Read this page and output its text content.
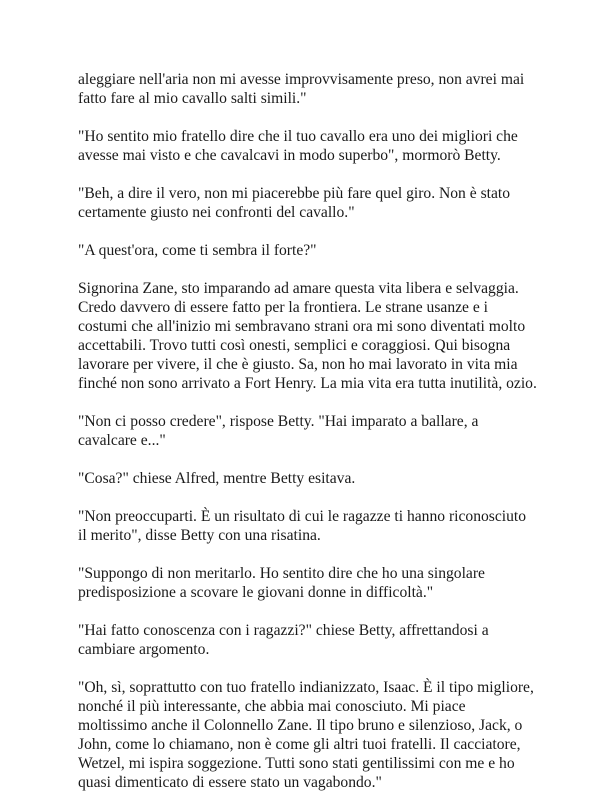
aleggiare nell'aria non mi avesse improvvisamente preso, non avrei mai fatto fare al mio cavallo salti simili."

"Ho sentito mio fratello dire che il tuo cavallo era uno dei migliori che avesse mai visto e che cavalcavi in modo superbo", mormorò Betty.

"Beh, a dire il vero, non mi piacerebbe più fare quel giro. Non è stato certamente giusto nei confronti del cavallo."

"A quest'ora, come ti sembra il forte?"

Signorina Zane, sto imparando ad amare questa vita libera e selvaggia. Credo davvero di essere fatto per la frontiera. Le strane usanze e i costumi che all'inizio mi sembravano strani ora mi sono diventati molto accettabili. Trovo tutti così onesti, semplici e coraggiosi. Qui bisogna lavorare per vivere, il che è giusto. Sa, non ho mai lavorato in vita mia finché non sono arrivato a Fort Henry. La mia vita era tutta inutilità, ozio.

"Non ci posso credere", rispose Betty. "Hai imparato a ballare, a cavalcare e..."

"Cosa?" chiese Alfred, mentre Betty esitava.

"Non preoccuparti. È un risultato di cui le ragazze ti hanno riconosciuto il merito", disse Betty con una risatina.

"Suppongo di non meritarlo. Ho sentito dire che ho una singolare predisposizione a scovare le giovani donne in difficoltà."

"Hai fatto conoscenza con i ragazzi?" chiese Betty, affrettandosi a cambiare argomento.

"Oh, sì, soprattutto con tuo fratello indianizzato, Isaac. È il tipo migliore, nonché il più interessante, che abbia mai conosciuto. Mi piace moltissimo anche il Colonnello Zane. Il tipo bruno e silenzioso, Jack, o John, come lo chiamano, non è come gli altri tuoi fratelli. Il cacciatore, Wetzel, mi ispira soggezione. Tutti sono stati gentilissimi con me e ho quasi dimenticato di essere stato un vagabondo."
